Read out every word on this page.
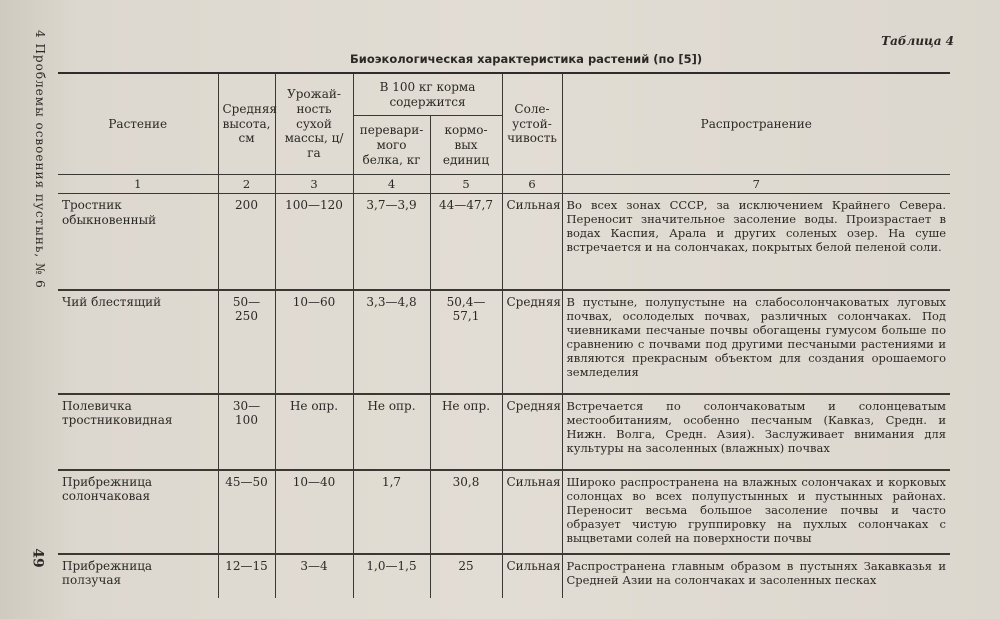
4 Проблемы освоения пустынь, № 6
49
Таблица 4
Биоэкологическая характеристика растений (по [5])
Растение	Средняя высота, см	Урожай-ность сухой массы, ц/га	В 100 кг корма содержится		Соле-устой-чивость	Распространение
			перевари-мого белка, кг	кормо-вых единиц		
1	2	3	4	5	6	7
Тростник обыкновенный	200	100—120	3,7—3,9	44—47,7	Сильная	Во всех зонах СССР, за исключением Крайнего Севера. Переносит значительное засоление воды. Произрастает в водах Каспия, Арала и других соленых озер. На суше встречается и на солончаках, покрытых белой пеленой соли.
Чий блестящий	50—250	10—60	3,3—4,8	50,4—57,1	Средняя	В пустыне, полупустыне на слабосолончаковатых луговых почвах, осолоделых почвах, различных солончаках. Под чиевниками песчаные почвы обогащены гумусом больше по сравнению с почвами под другими песчаными растениями и являются прекрасным объектом для создания орошаемого земледелия
Полевичка тростниковидная	30—100	Не опр.	Не опр.	Не опр.	Средняя	Встречается по солончаковатым и солонцеватым местообитаниям, особенно песчаным (Кавказ, Средн. и Нижн. Волга, Средн. Азия). Заслуживает внимания для культуры на засоленных (влажных) почвах
Прибрежница солончаковая	45—50	10—40	1,7	30,8	Сильная	Широко распространена на влажных солончаках и корковых солонцах во всех полупустынных и пустынных районах. Переносит весьма большое засоление почвы и часто образует чистую группировку на пухлых солончаках с выцветами солей на поверхности почвы
Прибрежница ползучая	12—15	3—4	1,0—1,5	25	Сильная	Распространена главным образом в пустынях Закавказья и Средней Азии на солончаках и засоленных песках
